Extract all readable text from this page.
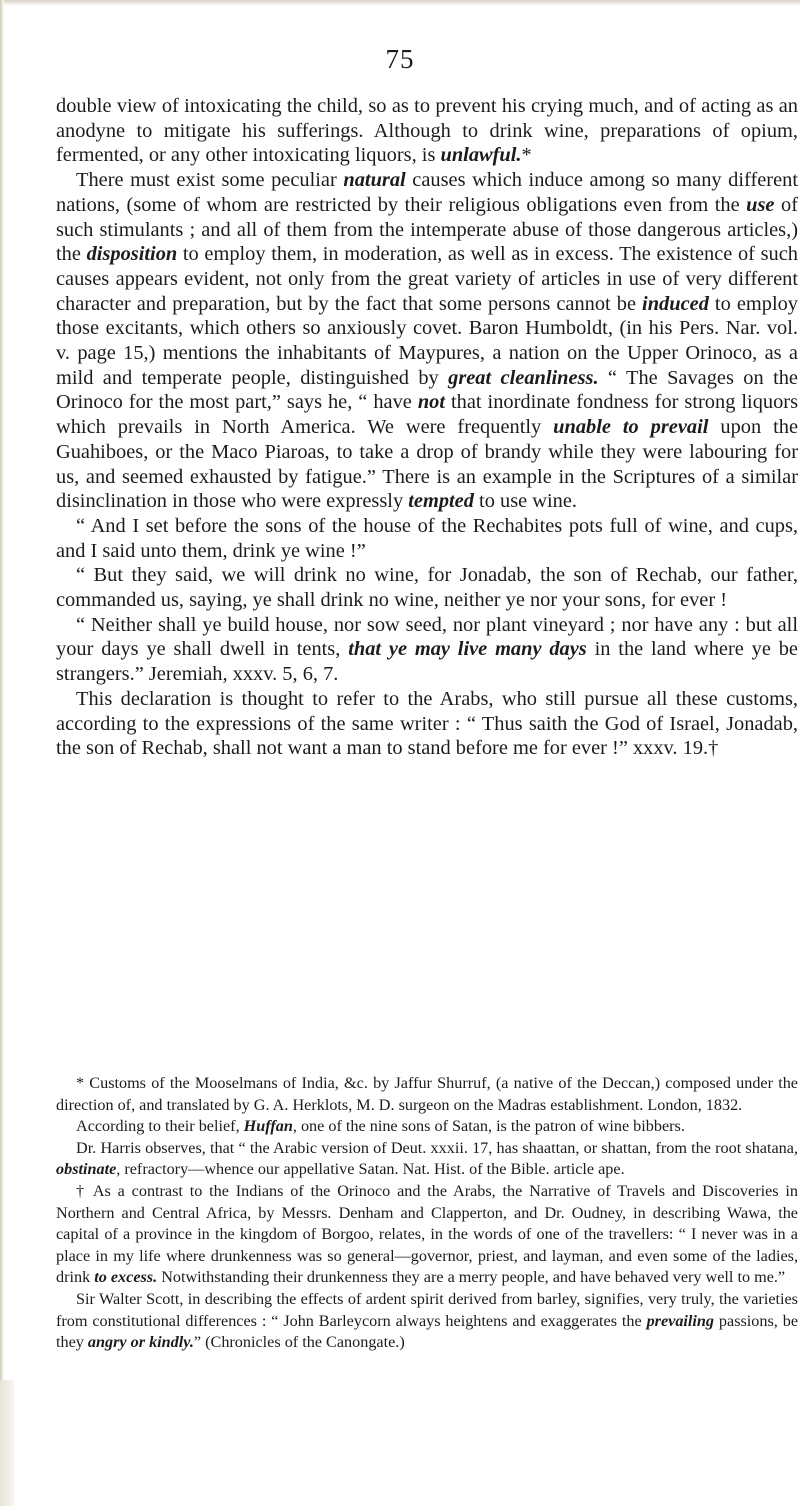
75

double view of intoxicating the child, so as to prevent his crying much, and of acting as an anodyne to mitigate his sufferings. Although to drink wine, preparations of opium, fermented, or any other intoxicating liquors, is unlawful.*

There must exist some peculiar natural causes which induce among so many different nations, (some of whom are restricted by their religious obligations even from the use of such stimulants ; and all of them from the intemperate abuse of those dangerous articles,) the disposition to employ them, in moderation, as well as in excess. The existence of such causes appears evident, not only from the great variety of articles in use of very different character and preparation, but by the fact that some persons cannot be induced to employ those excitants, which others so anxiously covet. Baron Humboldt, (in his Pers. Nar. vol. v. page 15,) mentions the inhabitants of Maypures, a nation on the Upper Orinoco, as a mild and temperate people, distinguished by great cleanliness. “ The Savages on the Orinoco for the most part,” says he, “ have not that inordinate fondness for strong liquors which prevails in North America. We were frequently unable to prevail upon the Guahiboes, or the Maco Piaroas, to take a drop of brandy while they were labouring for us, and seemed exhausted by fatigue.” There is an example in the Scriptures of a similar disinclination in those who were expressly tempted to use wine.

“ And I set before the sons of the house of the Rechabites pots full of wine, and cups, and I said unto them, drink ye wine !”

“ But they said, we will drink no wine, for Jonadab, the son of Rechab, our father, commanded us, saying, ye shall drink no wine, neither ye nor your sons, for ever !

“ Neither shall ye build house, nor sow seed, nor plant vineyard ; nor have any : but all your days ye shall dwell in tents, that ye may live many days in the land where ye be strangers.” Jeremiah, xxxv. 5, 6, 7.

This declaration is thought to refer to the Arabs, who still pursue all these customs, according to the expressions of the same writer : “ Thus saith the God of Israel, Jonadab, the son of Rechab, shall not want a man to stand before me for ever !” xxxv. 19.†

* Customs of the Mooselmans of India, &c. by Jaffur Shurruf, (a native of the Deccan,) composed under the direction of, and translated by G. A. Herklots, M. D. surgeon on the Madras establishment. London, 1832.

According to their belief, Huffan, one of the nine sons of Satan, is the patron of wine bibbers.

Dr. Harris observes, that “ the Arabic version of Deut. xxxii. 17, has shaattan, or shattan, from the root shatana, obstinate, refractory—whence our appellative Satan. Nat. Hist. of the Bible. article ape.

† As a contrast to the Indians of the Orinoco and the Arabs, the Narrative of Travels and Discoveries in Northern and Central Africa, by Messrs. Denham and Clapperton, and Dr. Oudney, in describing Wawa, the capital of a province in the kingdom of Borgoo, relates, in the words of one of the travellers: “ I never was in a place in my life where drunkenness was so general—governor, priest, and layman, and even some of the ladies, drink to excess. Notwithstanding their drunkenness they are a merry people, and have behaved very well to me.”

Sir Walter Scott, in describing the effects of ardent spirit derived from barley, signifies, very truly, the varieties from constitutional differences : “ John Barleycorn always heightens and exaggerates the prevailing passions, be they angry or kindly.” (Chronicles of the Canongate.)
